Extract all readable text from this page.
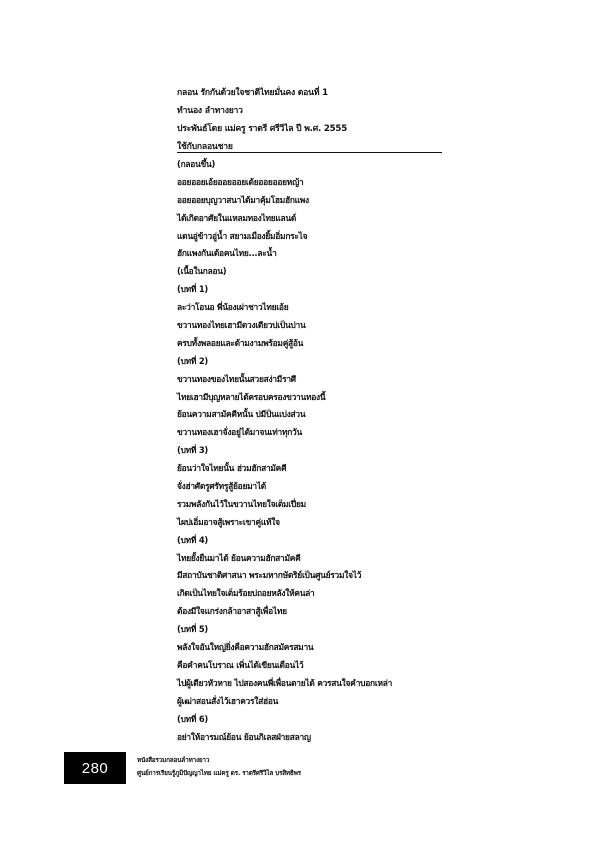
กลอน รักกันด้วยใจชาติไทยมั่นคง ตอนที่ 1
ทำนอง ลำทางยาว
ประพันธ์โดย แม่ครู ราตรี ศรีวิไล ปี พ.ศ. 2555
ใช้กับกลอนชาย
(กลอนขึ้น)
ออยออยเอ้ยออยออยเด้ยออยออยหญ้า
ออยออยบุญวาสนาได้มาคุ้มโฮมฮักแพง
ได้เกิดอาศัยในแหลมทองไทยแลนด์
แดนอู่ข้าวอู่น้ำ สยามเมืองยิ้มอิ่มกระไจ
ฮักแพงกันเด้อคนไทย...ละน้ำ
(เนื้อในกลอน)
(บทที่ 1)
ละว่าโอนอ พี่น้องเผ่าชาวไทยเอ้ย
ขวานทองไทยเฮามีดวงเดียวบ่เป็นบ่าน
ครบทั้งพลอยและด้ามงามพร้อมคู่สู้อ้น
(บทที่ 2)
ขวานทองของไทยนั้นสวยสง่ามีราศี
ไทยเฮามีบุญหลายได้ครอบครองขวานทองนี้
ย้อนความสามัคคีหนั้น บ่มีป็นแบ่งส่วน
ขวานทองเฮาจั่งอยู่ได้มาจนเท่าทุกวัน
(บทที่ 3)
ย้อนว่าใจไทยนั้น ฮ่วมฮักสามัคคี
จั่งฮ่าศัตรูศรัทรูสู้ย้อยมาได้
รวมพลังกันไว้ในขวานไทยใจเต็มเปี่ยม
ไผบ่เอิ่มอาจสู้เพราะเขาคู่แท้ใจ
(บทที่ 4)
ไทยยั้งยืนมาได้ ย้อนความฮักสามัคคี
มีสถาบันชาติศาสนา พระมหากษัตริย์เป็นศูนย์รวมใจไว้
เกิดเป็นไทยใจเต็มร้อยบ่ถอยหลังให้คนล่า
ต้องมีใจแกร่งกล้าอาสาสู้เพื่อไทย
(บทที่ 5)
พลังใจอันใหญ่ยิ่งคือความฮักสมัครสมาน
คือคำคนโบราณ เพิ่นได้เขียนเตือนไว้
ไปผู้เดียวหัวหาย ไปสองคนพี่เพื่อนตายได้ ควรสนใจคำบอกเหล่า
ผู้เฒ่าสอนสั่งไว้เฮาควรใส่ฮ่อน
(บทที่ 6)
อย่าให้อารมณ์ย้อน ย้อนกิเลสฝ่ายสลาญ
280	หนังสือรวมกลอนลำทางยาว
ศูนย์การเรียนรู้ภูมิปัญญาไทย แม่ครู ดร. ราตรีศรีวิไล บรสิทธิพร
